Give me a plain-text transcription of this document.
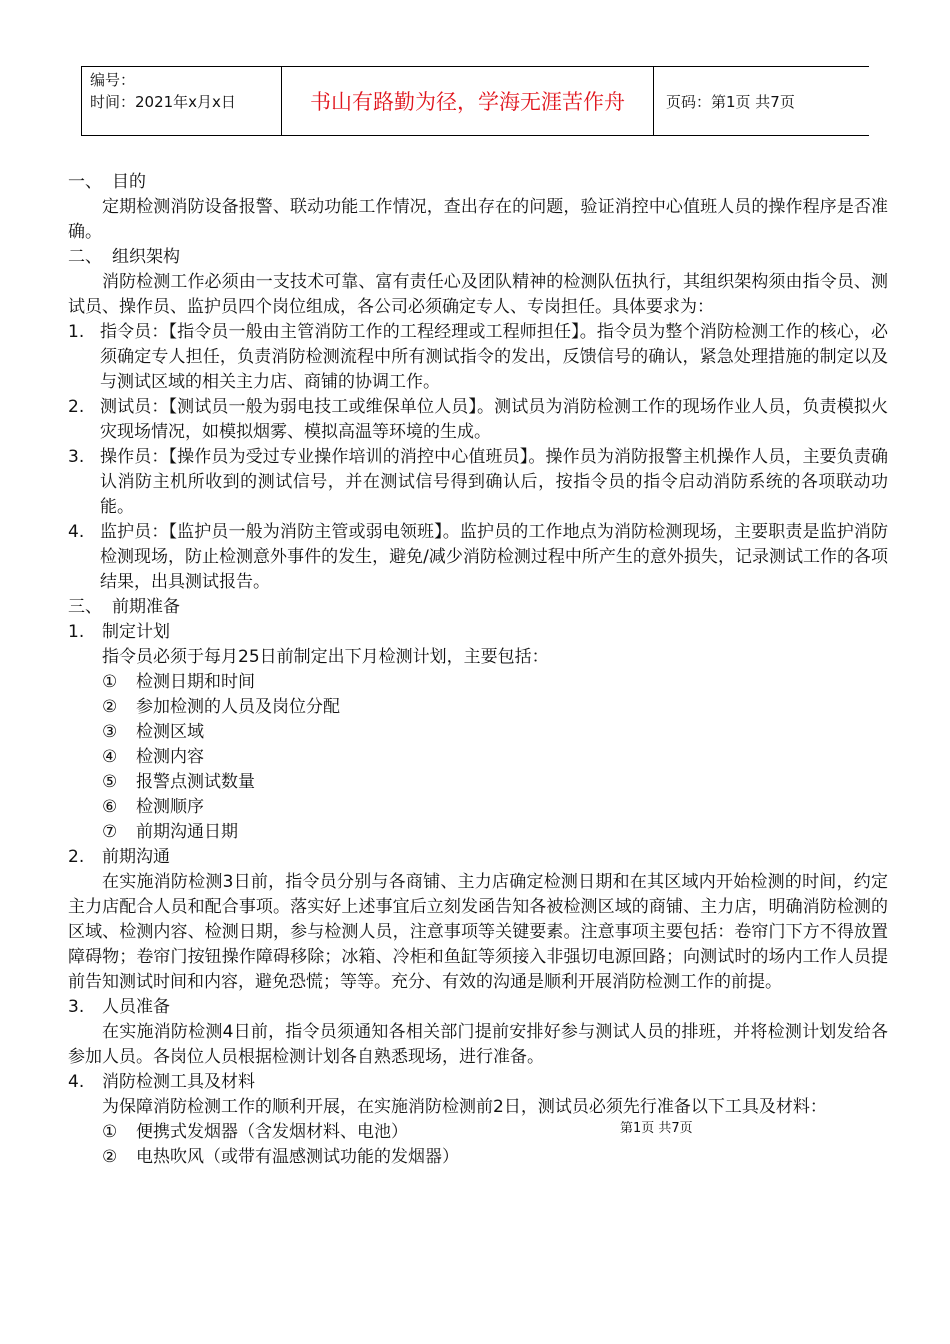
编号：
时间：2021年x月x日	书山有路勤为径，学海无涯苦作舟	页码：第1页 共7页

一、 目的

定期检测消防设备报警、联动功能工作情况，查出存在的问题，验证消控中心值班人员的操作程序是否准确。

二、 组织架构

消防检测工作必须由一支技术可靠、富有责任心及团队精神的检测队伍执行，其组织架构须由指令员、测试员、操作员、监护员四个岗位组成，各公司必须确定专人、专岗担任。具体要求为：

1. 指令员：【指令员一般由主管消防工作的工程经理或工程师担任】。指令员为整个消防检测工作的核心，必须确定专人担任，负责消防检测流程中所有测试指令的发出，反馈信号的确认，紧急处理措施的制定以及与测试区域的相关主力店、商铺的协调工作。
2. 测试员：【测试员一般为弱电技工或维保单位人员】。测试员为消防检测工作的现场作业人员，负责模拟火灾现场情况，如模拟烟雾、模拟高温等环境的生成。
3. 操作员：【操作员为受过专业操作培训的消控中心值班员】。操作员为消防报警主机操作人员，主要负责确认消防主机所收到的测试信号，并在测试信号得到确认后，按指令员的指令启动消防系统的各项联动功能。
4. 监护员：【监护员一般为消防主管或弱电领班】。监护员的工作地点为消防检测现场，主要职责是监护消防检测现场，防止检测意外事件的发生，避免/减少消防检测过程中所产生的意外损失，记录测试工作的各项结果，出具测试报告。

三、 前期准备

1.	制定计划

指令员必须于每月25日前制定出下月检测计划，主要包括：

①	检测日期和时间
②	参加检测的人员及岗位分配
③	检测区域
④	检测内容
⑤	报警点测试数量
⑥	检测顺序
⑦	前期沟通日期

2.	前期沟通

在实施消防检测3日前，指令员分别与各商铺、主力店确定检测日期和在其区域内开始检测的时间，约定主力店配合人员和配合事项。落实好上述事宜后立刻发函告知各被检测区域的商铺、主力店，明确消防检测的区域、检测内容、检测日期，参与检测人员，注意事项等关键要素。注意事项主要包括：卷帘门下方不得放置障碍物；卷帘门按钮操作障碍移除；冰箱、冷柜和鱼缸等须接入非强切电源回路；向测试时的场内工作人员提前告知测试时间和内容，避免恐慌；等等。充分、有效的沟通是顺利开展消防检测工作的前提。

3.	人员准备

在实施消防检测4日前，指令员须通知各相关部门提前安排好参与测试人员的排班，并将检测计划发给各参加人员。各岗位人员根据检测计划各自熟悉现场，进行准备。

4.	消防检测工具及材料

为保障消防检测工作的顺利开展，在实施消防检测前2日，测试员必须先行准备以下工具及材料：

①	便携式发烟器（含发烟材料、电池）
②	电热吹风（或带有温感测试功能的发烟器）
第1页 共7页
